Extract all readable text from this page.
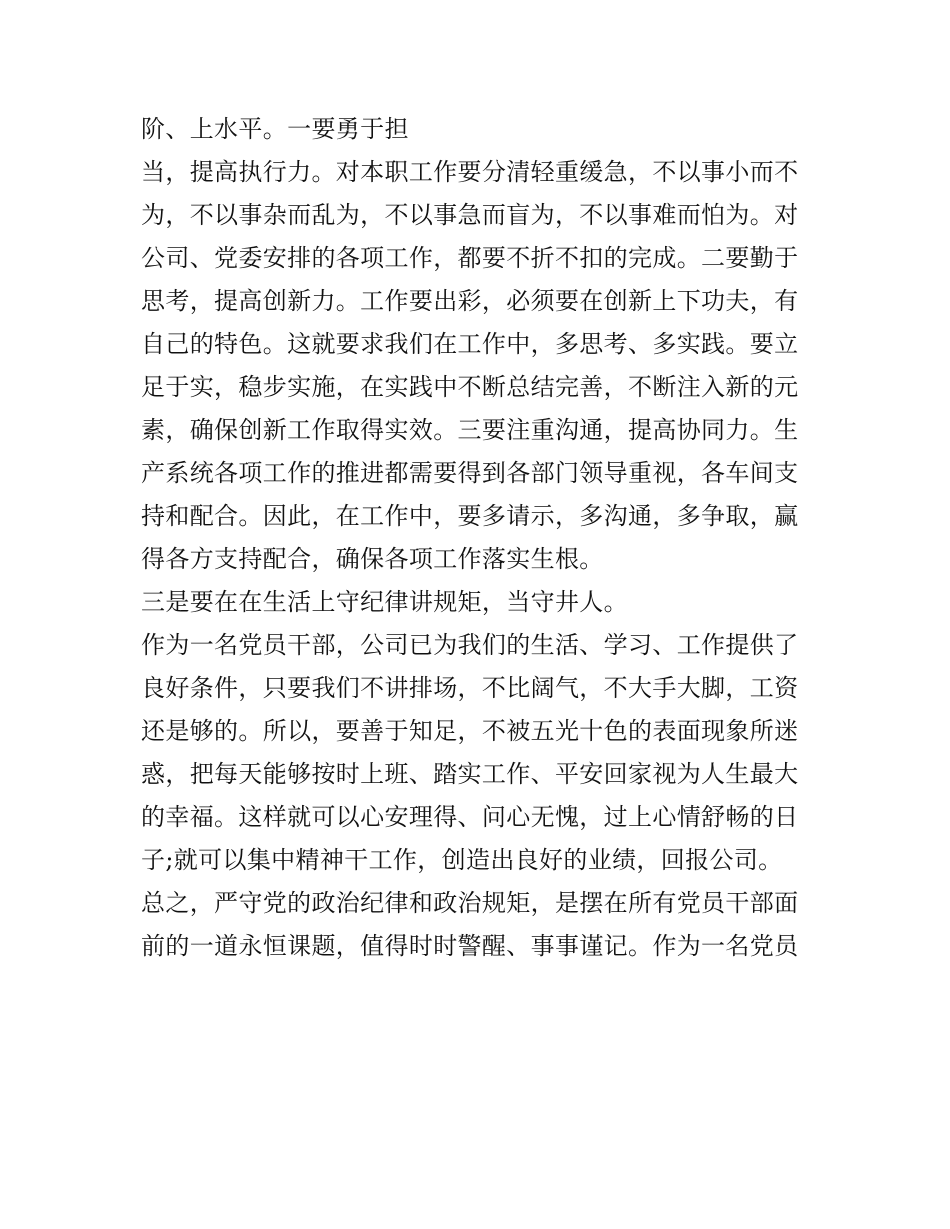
阶、上水平。一要勇于担
当，提高执行力。对本职工作要分清轻重缓急，不以事小而不
为，不以事杂而乱为，不以事急而盲为，不以事难而怕为。对
公司、党委安排的各项工作，都要不折不扣的完成。二要勤于
思考，提高创新力。工作要出彩，必须要在创新上下功夫，有
自己的特色。这就要求我们在工作中，多思考、多实践。要立
足于实，稳步实施，在实践中不断总结完善，不断注入新的元
素，确保创新工作取得实效。三要注重沟通，提高协同力。生
产系统各项工作的推进都需要得到各部门领导重视，各车间支
持和配合。因此，在工作中，要多请示，多沟通，多争取，赢
得各方支持配合，确保各项工作落实生根。
三是要在在生活上守纪律讲规矩，当守井人。
作为一名党员干部，公司已为我们的生活、学习、工作提供了
良好条件，只要我们不讲排场，不比阔气，不大手大脚，工资
还是够的。所以，要善于知足，不被五光十色的表面现象所迷
惑，把每天能够按时上班、踏实工作、平安回家视为人生最大
的幸福。这样就可以心安理得、问心无愧，过上心情舒畅的日
子;就可以集中精神干工作，创造出良好的业绩，回报公司。
总之，严守党的政治纪律和政治规矩，是摆在所有党员干部面
前的一道永恒课题，值得时时警醒、事事谨记。作为一名党员
